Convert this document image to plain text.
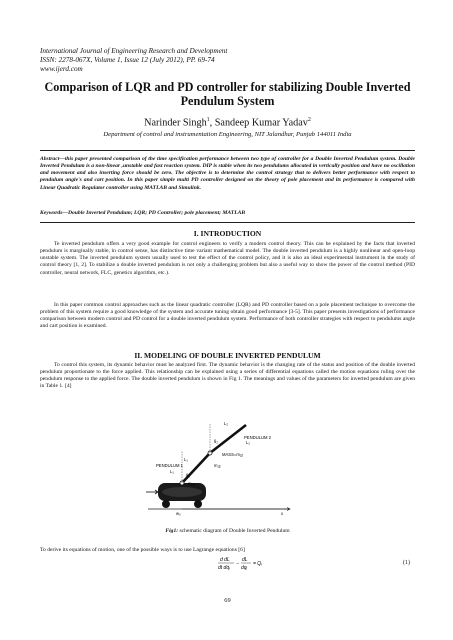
International Journal of Engineering Research and Development
ISSN: 2278-067X, Volume 1, Issue 12 (July 2012), PP. 69-74
www.ijerd.com
Comparison of LQR and PD controller for stabilizing Double Inverted Pendulum System
Narinder Singh$^1$, Sandeep Kumar Yadav$^2$
Department of control and instrumentation Engineering, NIT Jalandhar, Punjab 144011 India
Abstract—this paper presented comparison of the time specification performance between two type of controller for a Double Inverted Pendulum system. Double Inverted Pendulum is a non-linear ,unstable and fast reaction system. DIP is stable when its two pendulums allocated in vertically position and have no oscillation and movement and also inserting force should be zero. The objective is to determine the control strategy that to delivers better performance with respect to pendulum angle's and cart position. In this paper simple multi PD controller designed on the theory of pole placement and its performance is compared with Linear Quadratic Regulator controller using MATLAB and Simulink.
Keywords—Double Inverted Pendulum; LQR; PD Controller; pole placement; MATLAB
I. INTRODUCTION
Te inverted pendulum offers a very good example for control engineers to verify a modern control theory. This can be explained by the facts that inverted pendulum is marginally stable, in control sense, has distinctive time variant mathematical model. The double inverted pendulum is a highly nonlinear and open-loop unstable system. The inverted pendulum system usually used to test the effect of the control policy, and it is also an ideal experimental instrument in the study of control theory [1, 2]. To stabilize a double inverted pendulum is not only a challenging problem but also a useful way to show the power of the control method (PID controller, neural network, FLC, genetics algorithm, etc.).
In this paper common control approaches such as the linear quadratic controller (LQR) and PD controller based on a pole placement technique to overcome the problem of this system require a good knowledge of the system and accurate tuning obtain good performance [3-5]. This paper presents investigations of performance comparison between modern control and PD control for a double inverted pendulum system. Performance of both controller strategies with respect to pendulums angle and cart position is examined.
II. MODELING OF DOUBLE INVERTED PENDULUM
To control this system, its dynamic behavior must be analyzed first. The dynamic behavior is the changing rate of the status and position of the double inverted pendulum proportionate to the force applied. This relationship can be explained using a series of differential equations called the motion equations ruling over the pendulum response to the applied force. The double inverted pendulum is shown in Fig 1. The meanings and values of the parameters for inverted pendulum are given in Table 1. [4]
L₂
PENDULUM 2
L₂
θ₂
MASS=m₂ᵦ
L₁
PENDULUM 1
L₁
θ₁
m₁ᵦ
m₀ᵦ
w₀	x
Fig1: schematic diagram of Double Inverted Pendulum
To derive its equations of motion, one of the possible ways is to use Lagrange equations [6]
d dL
dt dq̇ᵢ
−
dL
dqᵢ
= Qᵢ	(1)
69
